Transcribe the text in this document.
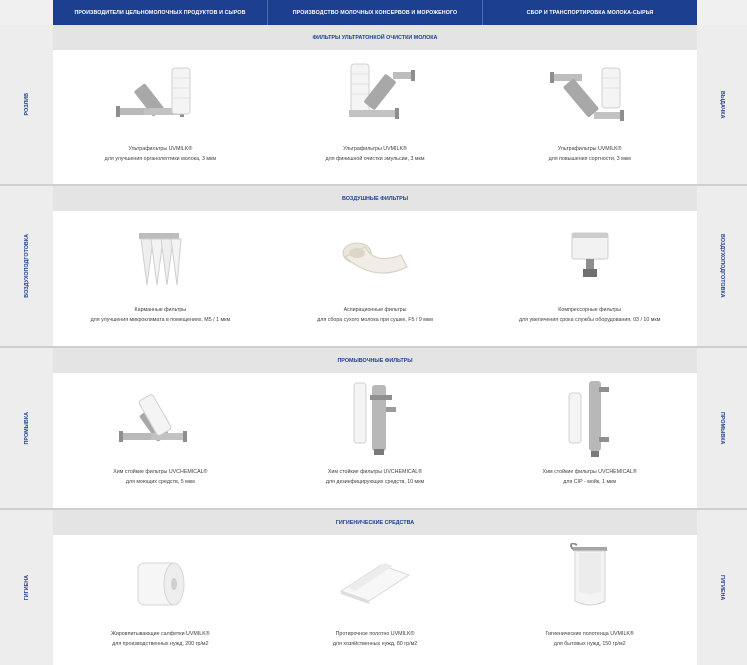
ПРОИЗВОДИТЕЛИ ЦЕЛЬНОМОЛОЧНЫХ ПРОДУКТОВ И СЫРОВ	ПРОИЗВОДСТВО МОЛОЧНЫХ КОНСЕРВОВ И МОРОЖЕНОГО	СБОР И ТРАНСПОРТИРОВКА МОЛОКА-СЫРЬЯ
РОЗЛИВ	ВЫДАЧКА
ФИЛЬТРЫ УЛЬТРАТОНКОЙ ОЧИСТКИ МОЛОКА
Ультрафильтры UVMILK®
для улучшения органолептики молока, 3 мкм
Ультрафильтры UVMILK®
для финишной очистки эмульсии, 3 мкм
Ультрафильтры UVMILK®
для повышения сортности, 3 мкм
ВОЗДУХОПОДГОТОВКА	ВОЗДУХОПОДГОТОВКА
ВОЗДУШНЫЕ ФИЛЬТРЫ
Карманные фильтры
для улучшения микроклимата в помещениях, M5 / 1 мкм
Аспирационные фильтры
для сбора сухого молока при сушке, F5 / 9 мкм
Компрессорные фильтры
для увеличения срока службы оборудования, 03 / 10 мкм
ПРОМЫВКА	ПРОМЫВКА
ПРОМЫВОЧНЫЕ ФИЛЬТРЫ
Хим стойкие фильтры UVCHEMICAL®
для моющих средств, 5 мкм
Хим стойкие фильтры UVCHEMICAL®
для дезинфицирующих средств, 10 мкм
Хим стойкие фильтры UVCHEMICAL®
для CIP - мойк, 1 мкм
ГИГИЕНА	ГИГИЕНА
ГИГИЕНИЧЕСКИЕ СРЕДСТВА
Жировпитывающие салфетки UVMILK®
для производственных нужд, 200 гр/м2
Протирочное полотно UVMILK®
для хозяйственных нужд, 80 гр/м2
Гигиенические полотенца UVMILK®
для бытовых нужд, 150 гр/м2
